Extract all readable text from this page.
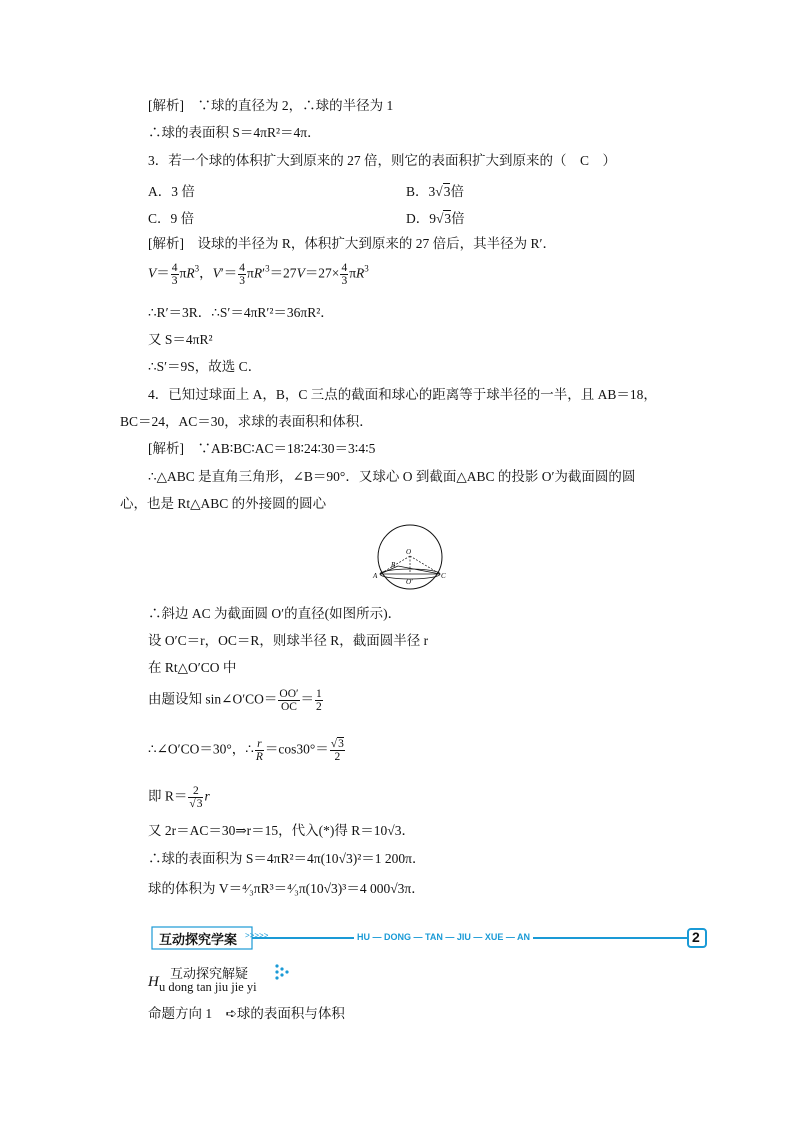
[解析]　∵球的直径为 2，∴球的半径为 1
∴球的表面积 S＝4πR²＝4π．
3．若一个球的体积扩大到原来的 27 倍，则它的表面积扩大到原来的（　C　）
A．3 倍	B．3√3倍
C．9 倍	D．9√3倍
[解析]　设球的半径为 R，体积扩大到原来的 27 倍后，其半径为 R′．
$V= \frac{4}{3} \pi R^3$，$V'= \frac{4}{3} \pi R'^3=27V=27\times \frac{4}{3} \pi R^3$
∴R′＝3R．∴S′＝4πR′²＝36πR²．
又 S＝4πR²
∴S′＝9S，故选 C．
4．已知过球面上 A，B，C 三点的截面和球心的距离等于球半径的一半，且 AB＝18，
BC＝24，AC＝30，求球的表面积和体积．
[解析]　∵AB∶BC∶AC＝18∶24∶30＝3∶4∶5
∴△ABC 是直角三角形，∠B＝90°．又球心 O 到截面△ABC 的投影 O′为截面圆的圆
心，也是 Rt△ABC 的外接圆的圆心
O
B
A	C
O′
∴斜边 AC 为截面圆 O′的直径(如图所示)．
设 O′C＝r，OC＝R，则球半径 R，截面圆半径 r
在 Rt△O′CO 中
由题设知 sin∠O′CO＝ $\frac{OO'}{OC} = \frac{1}{2}$
∴∠O′CO＝30°，∴ $\frac{r}{R} =\cos 30^\circ= \frac{√3}{2}$
即 $R= \frac{2}{√3}$ r
又 2r＝AC＝30⇒r＝15，代入(*)得 R＝10√3．
∴球的表面积为 S＝4πR²＝4π(10√3)²＝1 200π．
球的体积为 V＝⁴⁄₃πR³＝⁴⁄₃π(10√3)³＝4 000√3π．
互动探究学案 >>>>>	HU — DONG — TAN — JIU — XUE — AN	2
互动探究解疑
H u dong tan jiu jie yi
命题方向 1　➪球的表面积与体积
